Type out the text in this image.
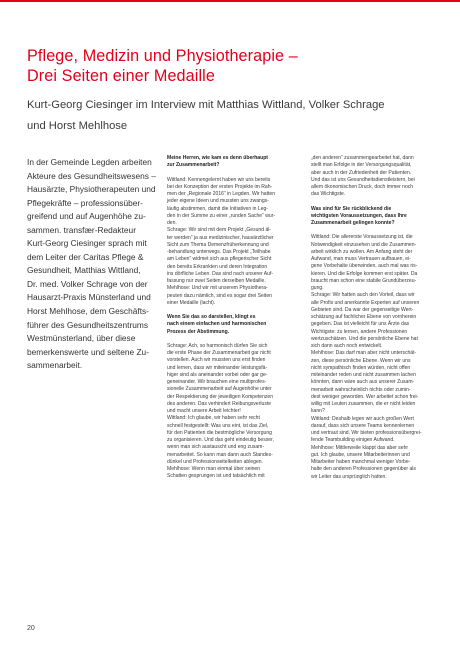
Pflege, Medizin und Physiotherapie –
Drei Seiten einer Medaille

Kurt-Georg Ciesinger im Interview mit Matthias Wittland, Volker Schrage
und Horst Mehlhose

In der Gemeinde Legden arbeiten
Akteure des Gesundheitswesens –
Hausärzte, Physiotherapeuten und
Pflegekräfte – professionsüber-
greifend und auf Augenhöhe zu-
sammen. transfær-Redakteur
Kurt-Georg Ciesinger sprach mit
dem Leiter der Caritas Pflege &
Gesundheit, Matthias Wittland,
Dr. med. Volker Schrage von der
Hausarzt-Praxis Münsterland und
Horst Mehlhose, dem Geschäfts-
führer des Gesundheitszentrums
Westmünsterland, über diese
bemerkenswerte und seltene Zu-
sammenarbeit.
Meine Herren, wie kam es denn überhaupt
zur Zusammenarbeit?
Wittland: Kennengelernt haben wir uns bereits
bei der Konzeption der ersten Projekte im Rah-
men der „Regionale 2016“ in Legden. Wir hatten
jeder eigene Ideen und mussten uns zwangs-
läufig abstimmen, damit die Initiativen in Leg-
den in der Summe zu einer „runden Sache“ wur-
den.
Schrage: Wir sind mit dem Projekt „Gesund äl-
ter werden“ ja aus medizinischer, hausärztlicher
Sicht zum Thema Demenzfrüherkennung und
-behandlung unterwegs. Das Projekt „Teilhabe
am Leben“ widmet sich aus pflegerischer Sicht
den bereits Erkrankten und deren Integration
ins dörfliche Leben. Das sind nach unserer Auf-
fassung nur zwei Seiten derselben Medaille.
Mehlhose: Und wir mit unserem Physiothera-
peuten dazu nämlich, sind es sogar drei Seiten
einer Medaille (lacht).
Wenn Sie das so darstellen, klingt es
nach einem einfachen und harmonischen
Prozess der Abstimmung.
Schrage: Ach, so harmonisch dürfen Sie sich
die erste Phase der Zusammenarbeit gar nicht
vorstellen. Auch wir mussten uns erst finden
und lernen, dass wir miteinander leistungsfä-
higer sind als aneinander vorbei oder gar ge-
geneinander. Wir brauchen eine multiprofes-
sionelle Zusammenarbeit auf Augenhöhe unter
der Respektierung der jeweiligen Kompetenzen
des anderen. Das verhindert Reibungsverluste
und macht unsere Arbeit leichter!
Wittland: Ich glaube, wir haben sehr recht
schnell festgestellt: Was uns eint, ist das Ziel,
für den Patienten die bestmögliche Versorgung
zu organisieren. Und das geht eindeutig besser,
wenn man sich austauscht und eng zusam-
menarbeitet. So kann man dann auch Standes-
dünkel und Professionseitelkeiten ablegen.
Mehlhose: Wenn man einmal über seinen
Schatten gesprungen ist und tatsächlich mit
„den anderen“ zusammengearbeitet hat, dann
stellt man Erfolge in der Versorgungsqualität,
aber auch in der Zufriedenheit der Patienten.
Und das ist uns Gesundheitsdienstleistern, bei
allem ökonomischen Druck, doch immer noch
das Wichtigste.
Was sind für Sie rückblickend die
wichtigsten Voraussetzungen, dass Ihre
Zusammenarbeit gelingen konnte?
Wittland: Die allererste Voraussetzung ist, die
Notwendigkeit einzusehen und die Zusammen-
arbeit wirklich zu wollen. Am Anfang steht der
Aufwand, man muss Vertrauen aufbauen, ei-
gene Vorbehalte überwinden, auch mal was ris-
kieren. Und die Erfolge kommen erst später. Da
braucht man schon eine stabile Grundüberzeu-
gung.
Schrage: Wir hatten auch den Vorteil, dass wir
alle Profis und anerkannte Experten auf unseren
Gebieten sind. Da war der gegenseitige Wert-
schätzung auf fachlicher Ebene von vornherein
gegeben. Das ist vielleicht für uns Ärzte das
Wichtigste: zu lernen, andere Professionen
wertzuschätzen. Und die persönliche Ebene hat
sich dann auch noch entwickelt.
Mehlhose: Das darf man aber nicht unterschät-
zen, diese persönliche Ebene. Wenn wir uns
nicht sympathisch finden würden, nicht offen
miteinander reden und nicht zusammen lachen
könnten, dann wäre auch aus unserer Zusam-
menarbeit wahrscheinlich nichts oder zumin-
dest weniger geworden. Wer arbeitet schon frei-
willig mit Leuten zusammen, die er nicht leiden
kann?
Wittland: Deshalb legen wir auch großen Wert
darauf, dass sich unsere Teams kennenlernen
und vertraut sind. Wir bieten professionsübergrei-
fende Teambuilding einigen Aufwand.
Mehlhose: Mittlerweile klappt das aber sehr
gut. Ich glaube, unsere Mitarbeiterinnen und
Mitarbeiter haben manchmal weniger Vorbe-
halte den anderen Professionen gegenüber als
wir Leiter das ursprünglich hatten.
20
